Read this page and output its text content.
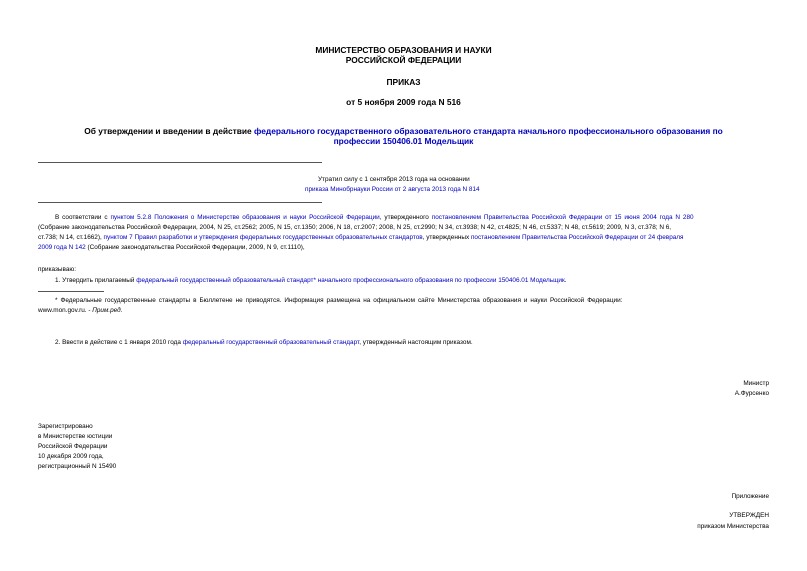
МИНИСТЕРСТВО ОБРАЗОВАНИЯ И НАУКИ
РОССИЙСКОЙ ФЕДЕРАЦИИ
ПРИКАЗ
от 5 ноября 2009 года N 516
Об утверждении и введении в действие федерального государственного образовательного стандарта начального профессионального образования по
профессии 150406.01 Модельщик
Утратил силу с 1 сентября 2013 года на основании
приказа Минобрнауки России от 2 августа 2013 года N 814
В соответствии с пунктом 5.2.8 Положения о Министерстве образования и науки Российской Федерации, утвержденного постановлением Правительства Российской Федерации от 15 июня 2004 года N 280
(Собрание законодательства Российской Федерации, 2004, N 25, ст.2562; 2005, N 15, ст.1350; 2006, N 18, ст.2007; 2008, N 25, ст.2990; N 34, ст.3938; N 42, ст.4825; N 46, ст.5337; N 48, ст.5619; 2009, N 3, ст.378; N 6,
ст.738; N 14, ст.1662), пунктом 7 Правил разработки и утверждения федеральных государственных образовательных стандартов, утвержденных постановлением Правительства Российской Федерации от 24 февраля
2009 года N 142 (Собрание законодательства Российской Федерации, 2009, N 9, ст.1110),
приказываю:
1. Утвердить прилагаемый федеральный государственный образовательный стандарт* начального профессионального образования по профессии 150406.01 Модельщик.
* Федеральные государственные стандарты в Бюллетене не приводятся. Информация размещена на официальном сайте Министерства образования и науки Российской Федерации:
www.mon.gov.ru. - Прим.ред.
2. Ввести в действие с 1 января 2010 года федеральный государственный образовательный стандарт, утвержденный настоящим приказом.
Министр
А.Фурсенко
Зарегистрировано
в Министерстве юстиции
Российской Федерации
10 декабря 2009 года,
регистрационный N 15490
Приложение
УТВЕРЖДЕН
приказом Министерства
